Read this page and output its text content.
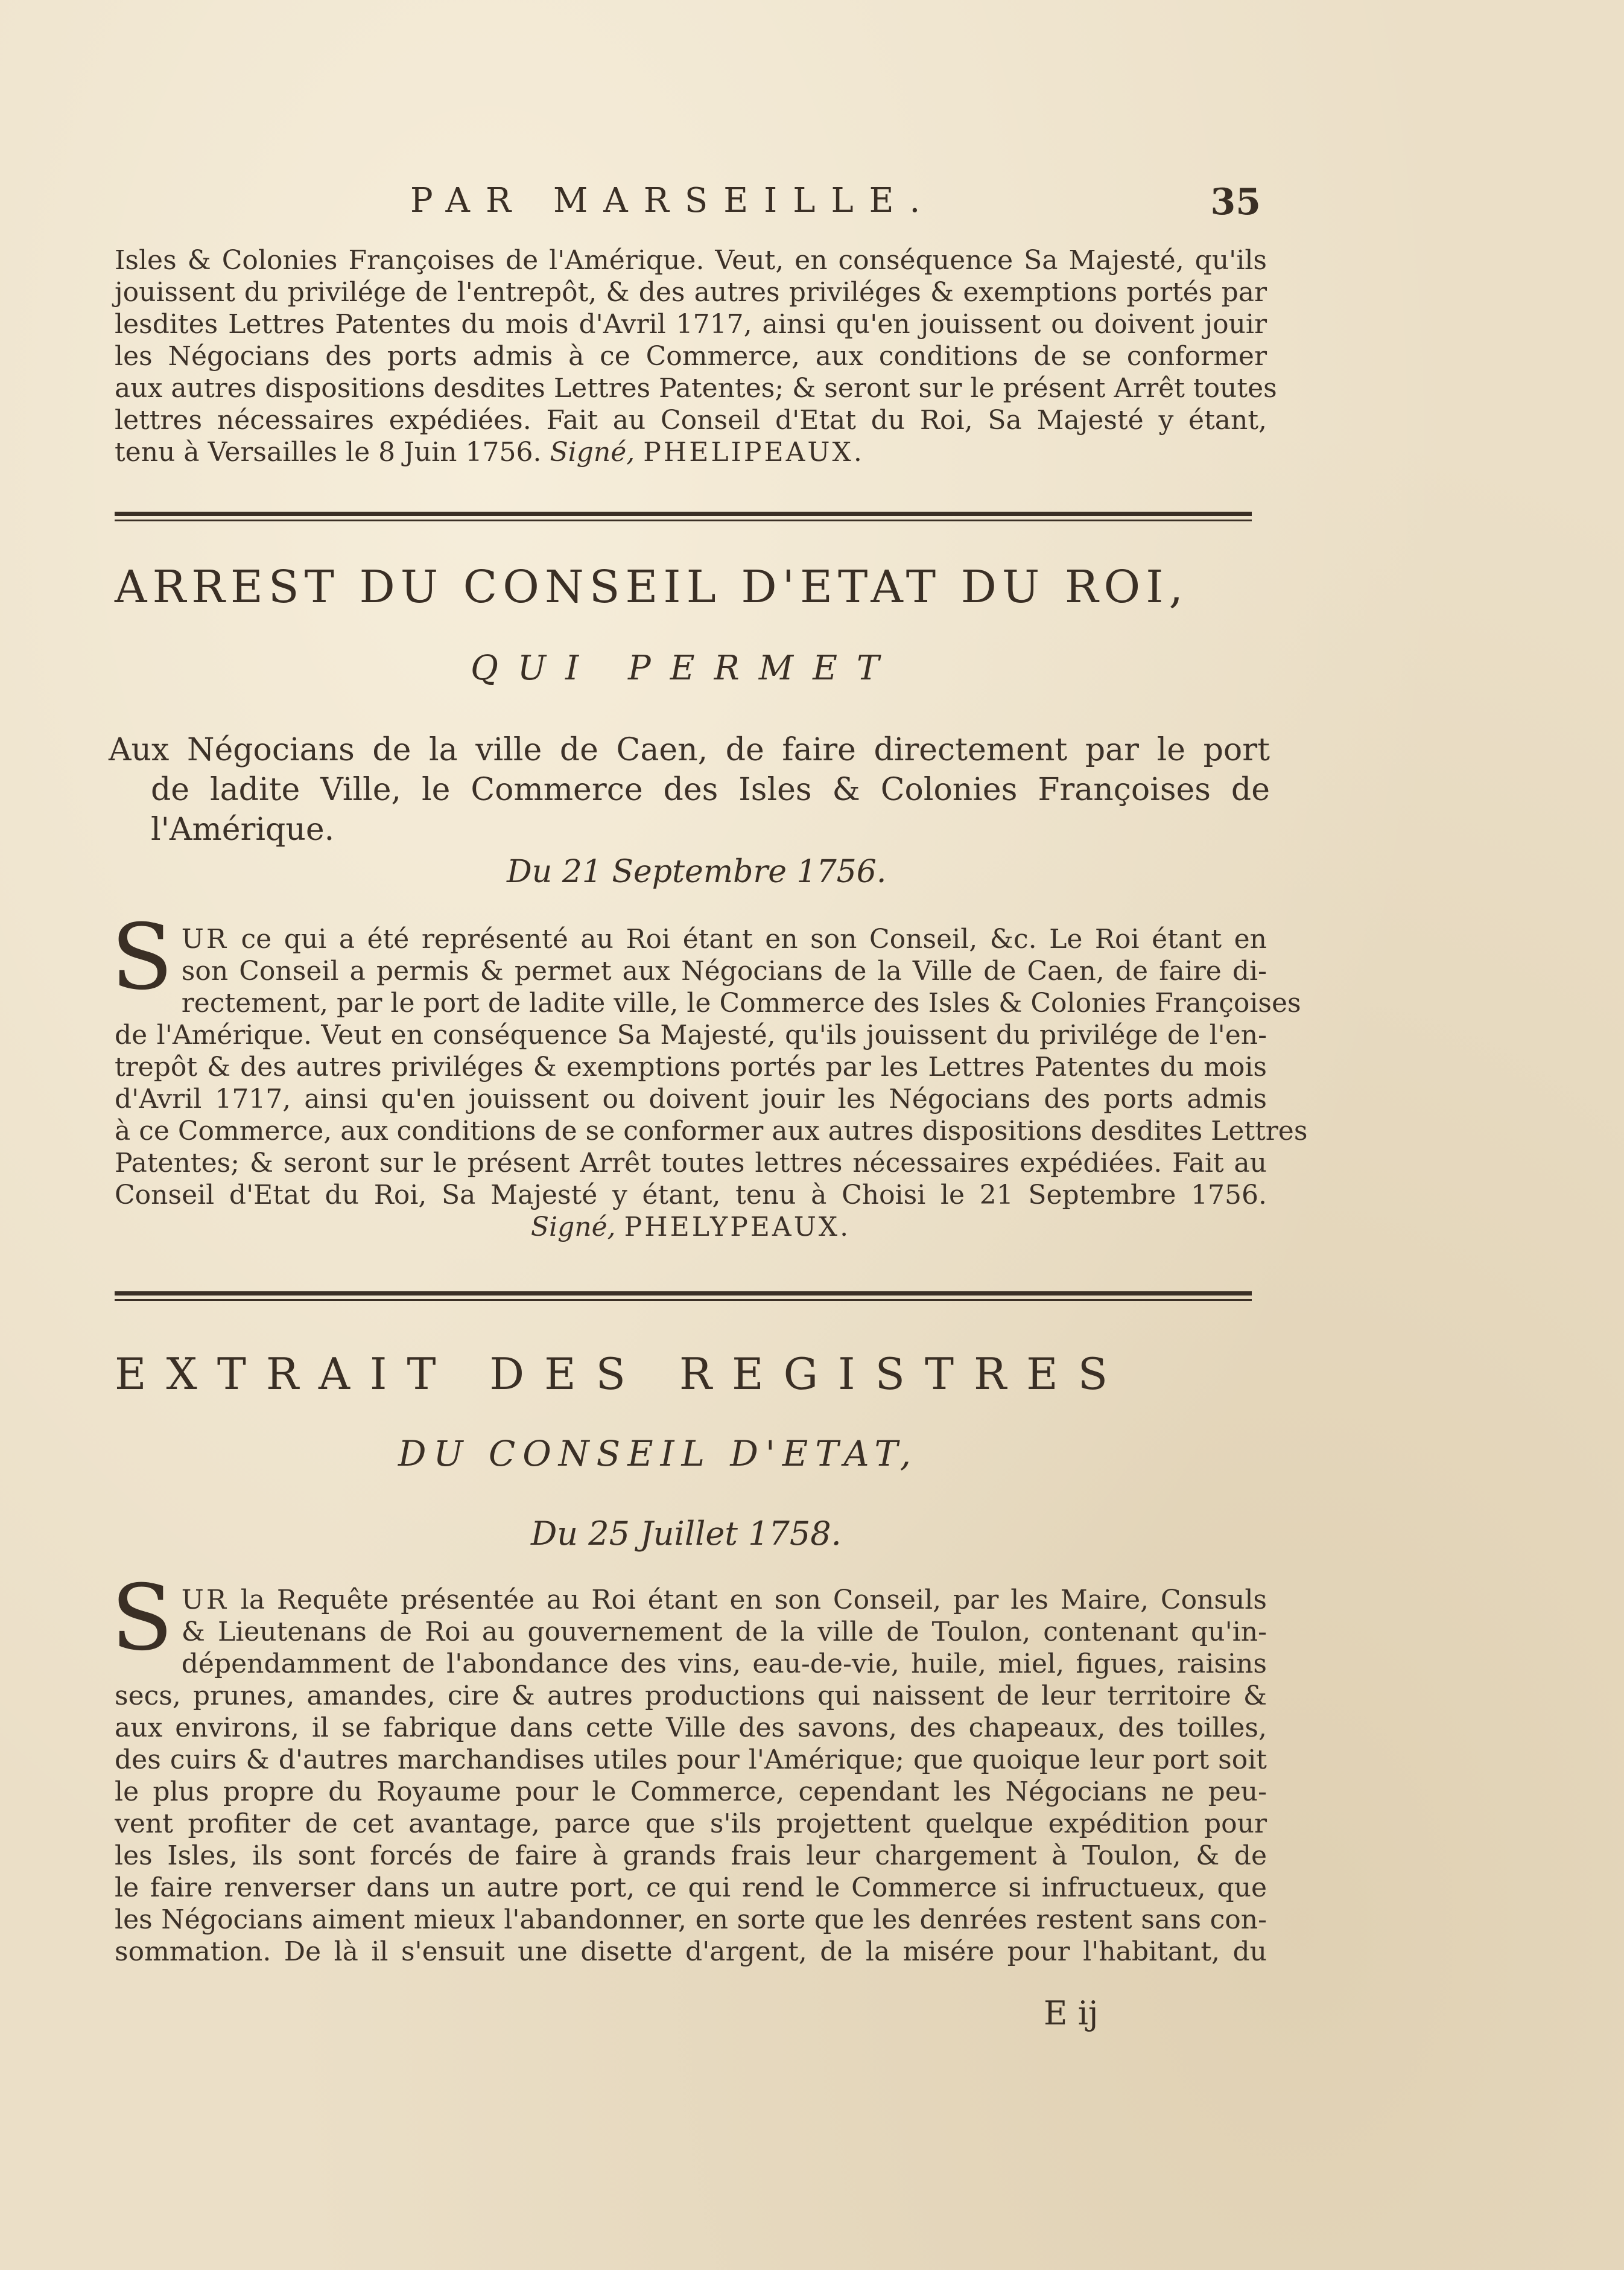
PAR MARSEILLE.	35
Isles & Colonies Françoises de l'Amérique. Veut, en conséquence Sa Majesté, qu'ils
jouissent du privilége de l'entrepôt, & des autres priviléges & exemptions portés par
lesdites Lettres Patentes du mois d'Avril 1717, ainsi qu'en jouissent ou doivent jouir
les Négocians des ports admis à ce Commerce, aux conditions de se conformer
aux autres dispositions desdites Lettres Patentes; & seront sur le présent Arrêt toutes
lettres nécessaires expédiées. Fait au Conseil d'Etat du Roi, Sa Majesté y étant,
tenu à Versailles le 8 Juin 1756. Signé, PHELIPEAUX.
ARREST DU CONSEIL D'ETAT DU ROI,
QUI PERMET
Aux Négocians de la ville de Caen, de faire directement par le port
de ladite Ville, le Commerce des Isles & Colonies Françoises de
l'Amérique.
Du 21 Septembre 1756.
S UR ce qui a été représenté au Roi étant en son Conseil, &c. Le Roi étant en
son Conseil a permis & permet aux Négocians de la Ville de Caen, de faire di-
rectement, par le port de ladite ville, le Commerce des Isles & Colonies Françoises
de l'Amérique. Veut en conséquence Sa Majesté, qu'ils jouissent du privilége de l'en-
trepôt & des autres priviléges & exemptions portés par les Lettres Patentes du mois
d'Avril 1717, ainsi qu'en jouissent ou doivent jouir les Négocians des ports admis
à ce Commerce, aux conditions de se conformer aux autres dispositions desdites Lettres
Patentes; & seront sur le présent Arrêt toutes lettres nécessaires expédiées. Fait au
Conseil d'Etat du Roi, Sa Majesté y étant, tenu à Choisi le 21 Septembre 1756.
Signé, PHELYPEAUX.
EXTRAIT DES REGISTRES
DU CONSEIL D'ETAT,
Du 25 Juillet 1758.
S UR la Requête présentée au Roi étant en son Conseil, par les Maire, Consuls
& Lieutenans de Roi au gouvernement de la ville de Toulon, contenant qu'in-
dépendamment de l'abondance des vins, eau-de-vie, huile, miel, figues, raisins
secs, prunes, amandes, cire & autres productions qui naissent de leur territoire &
aux environs, il se fabrique dans cette Ville des savons, des chapeaux, des toilles,
des cuirs & d'autres marchandises utiles pour l'Amérique; que quoique leur port soit
le plus propre du Royaume pour le Commerce, cependant les Négocians ne peu-
vent profiter de cet avantage, parce que s'ils projettent quelque expédition pour
les Isles, ils sont forcés de faire à grands frais leur chargement à Toulon, & de
le faire renverser dans un autre port, ce qui rend le Commerce si infructueux, que
les Négocians aiment mieux l'abandonner, en sorte que les denrées restent sans con-
sommation. De là il s'ensuit une disette d'argent, de la misére pour l'habitant, du
E ij
